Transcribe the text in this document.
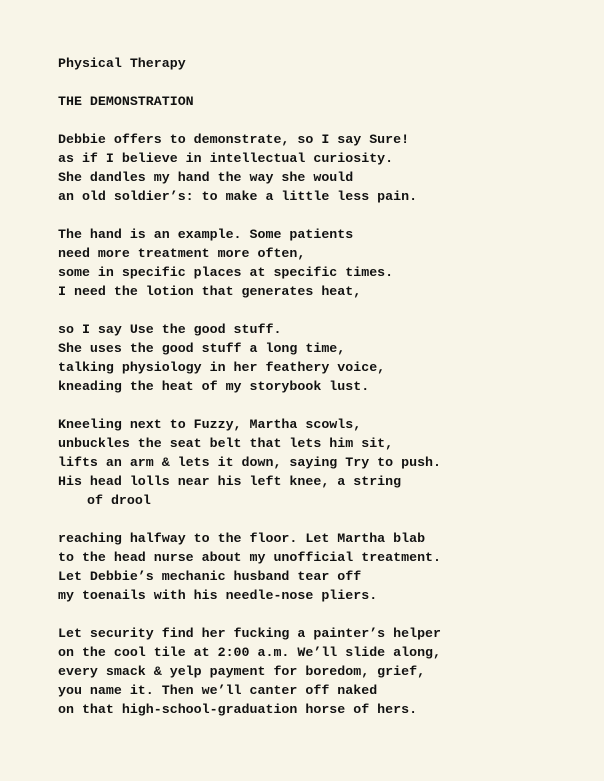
Physical Therapy
THE DEMONSTRATION
Debbie offers to demonstrate, so I say Sure!
as if I believe in intellectual curiosity.
She dandles my hand the way she would
an old soldier’s: to make a little less pain.
The hand is an example. Some patients
need more treatment more often,
some in specific places at specific times.
I need the lotion that generates heat,
so I say Use the good stuff.
She uses the good stuff a long time,
talking physiology in her feathery voice,
kneading the heat of my storybook lust.
Kneeling next to Fuzzy, Martha scowls,
unbuckles the seat belt that lets him sit,
lifts an arm & lets it down, saying Try to push.
His head lolls near his left knee, a string
of drool
reaching halfway to the floor. Let Martha blab
to the head nurse about my unofficial treatment.
Let Debbie’s mechanic husband tear off
my toenails with his needle-nose pliers.
Let security find her fucking a painter’s helper
on the cool tile at 2:00 a.m. We’ll slide along,
every smack & yelp payment for boredom, grief,
you name it. Then we’ll canter off naked
on that high-school-graduation horse of hers.
